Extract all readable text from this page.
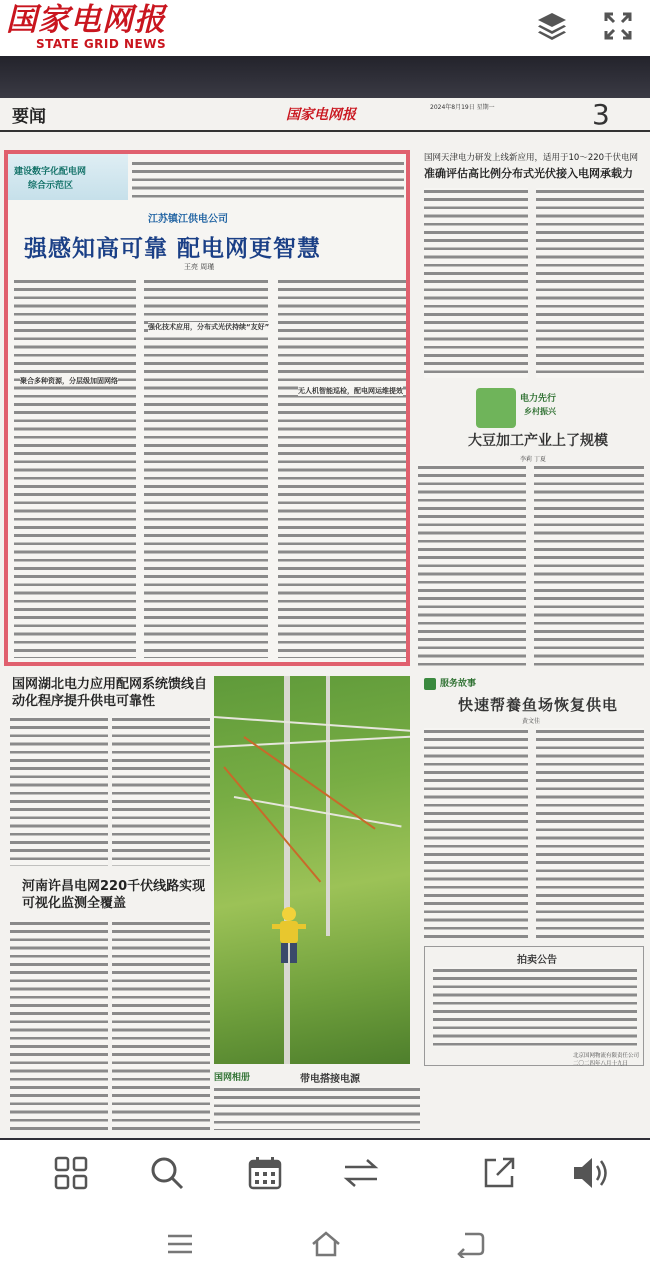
国家电网报
STATE GRID NEWS
要闻	国家电网报	2024年8月19日 星期一	3
建设数字化配电网
综合示范区
江苏镇江供电公司
强感知高可靠 配电网更智慧
王亮 周瑾
聚合多种资源，分层级加固网络
强化技术应用，分布式光伏持续“友好”
无人机智能巡检，配电网运维提效
国网天津电力研发上线新应用，适用于10～220千伏电网
准确评估高比例分布式光伏接入电网承载力
电力先行
乡村振兴
大豆加工产业上了规模
李莉 丁夏
国网湖北电力应用配网系统馈线自动化程序提升供电可靠性
河南许昌电网220千伏线路实现可视化监测全覆盖
服务故事
快速帮養鱼场恢复供电
黄文佳
拍卖公告
北京国网物流有限责任公司 二〇二四年八月十九日
国网相册	带电搭接电源
